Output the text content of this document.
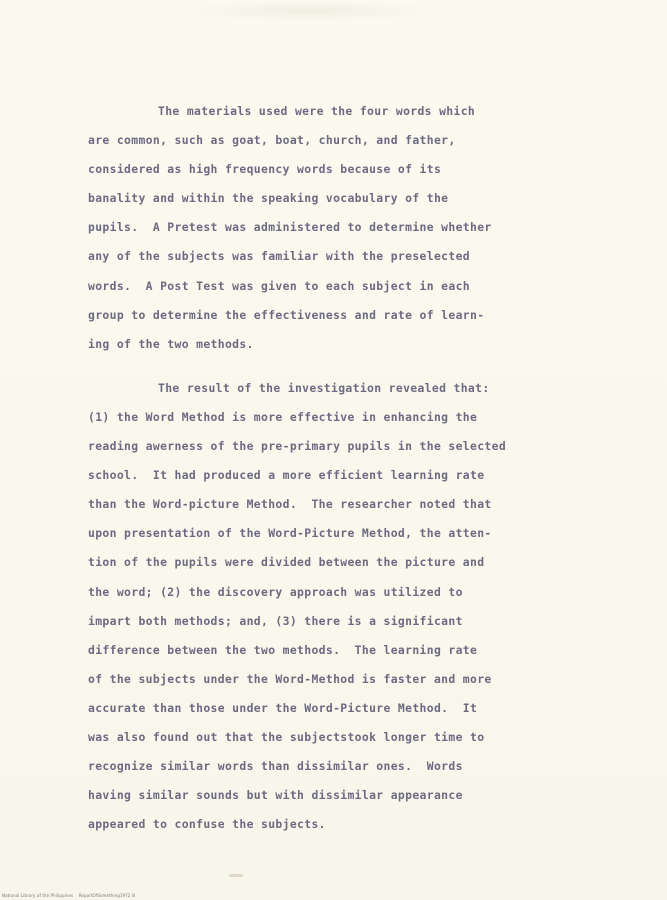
The materials used were the four words which
are common, such as goat, boat, church, and father,
considered as high frequency words because of its
banality and within the speaking vocabulary of the
pupils.  A Pretest was administered to determine whether
any of the subjects was familiar with the preselected
words.  A Post Test was given to each subject in each
group to determine the effectiveness and rate of learn-
ing of the two methods.
The result of the investigation revealed that:
(1) the Word Method is more effective in enhancing the
reading awerness of the pre-primary pupils in the selected
school.  It had produced a more efficient learning rate
than the Word-picture Method.  The researcher noted that
upon presentation of the Word-Picture Method, the atten-
tion of the pupils were divided between the picture and
the word; (2) the discovery approach was utilized to
impart both methods; and, (3) there is a significant
difference between the two methods.  The learning rate
of the subjects under the Word-Method is faster and more
accurate than those under the Word-Picture Method.  It
was also found out that the subjectstook longer time to
recognize similar words than dissimilar ones.  Words
having similar sounds but with dissimilar appearance
appeared to confuse the subjects.
National Library of the Philippines    ReportOfSomething1972 lil
